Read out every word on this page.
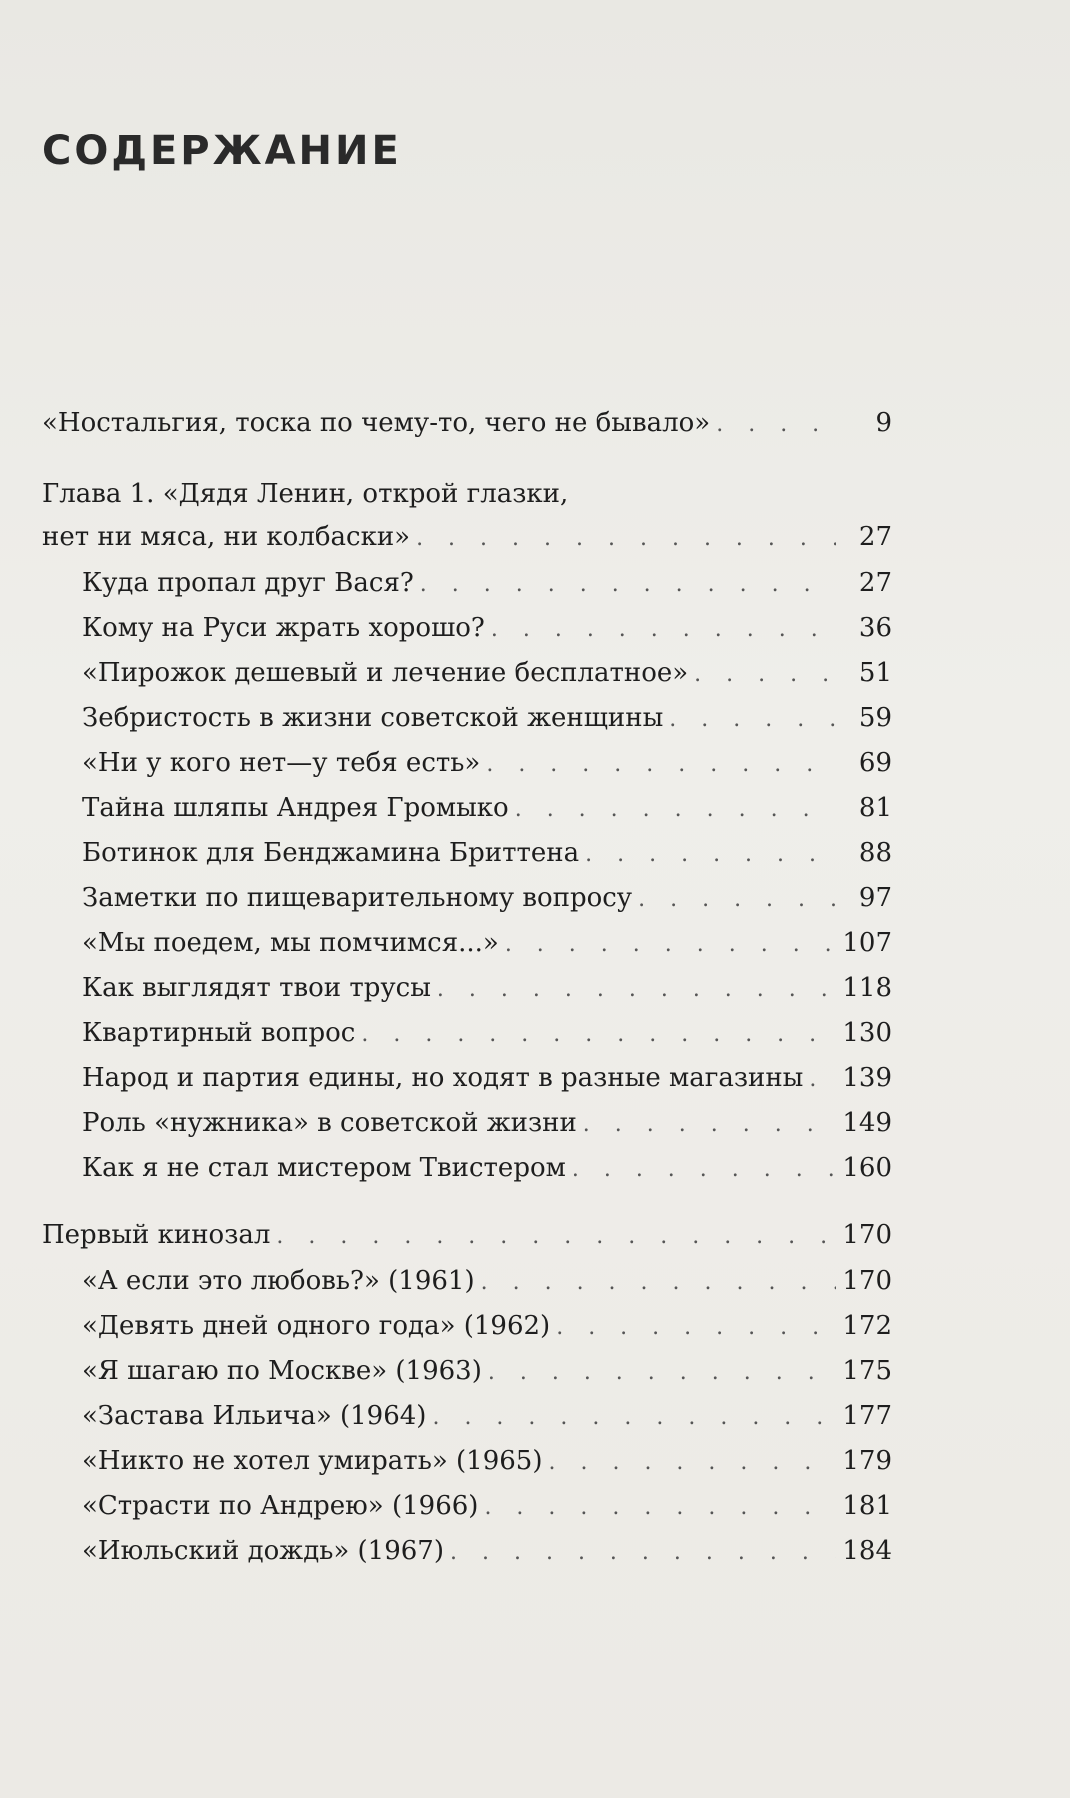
СОДЕРЖАНИЕ
«Ностальгия, тоска по чему-то, чего не бывало» . . .	9
Глава 1. «Дядя Ленин, открой глазки,
нет ни мяса, ни колбаски» . . .	27
Куда пропал друг Вася? . . .	27
Кому на Руси жрать хорошо? . . .	36
«Пирожок дешевый и лечение бесплатное» . . .	51
Зебристость в жизни советской женщины . . .	59
«Ни у кого нет—у тебя есть» . . .	69
Тайна шляпы Андрея Громыко . . .	81
Ботинок для Бенджамина Бриттена . . .	88
Заметки по пищеварительному вопросу . . .	97
«Мы поедем, мы помчимся...» . . .	107
Как выглядят твои трусы . . .	118
Квартирный вопрос . . .	130
Народ и партия едины, но ходят в разные магазины . . . 139
Роль «нужника» в советской жизни . . .	149
Как я не стал мистером Твистером . . .	160
Первый кинозал . . .	170
«А если это любовь?» (1961) . . .	170
«Девять дней одного года» (1962) . . .	172
«Я шагаю по Москве» (1963) . . .	175
«Застава Ильича» (1964) . . .	177
«Никто не хотел умирать» (1965) . . .	179
«Страсти по Андрею» (1966) . . .	181
«Июльский дождь» (1967) . . .	184
